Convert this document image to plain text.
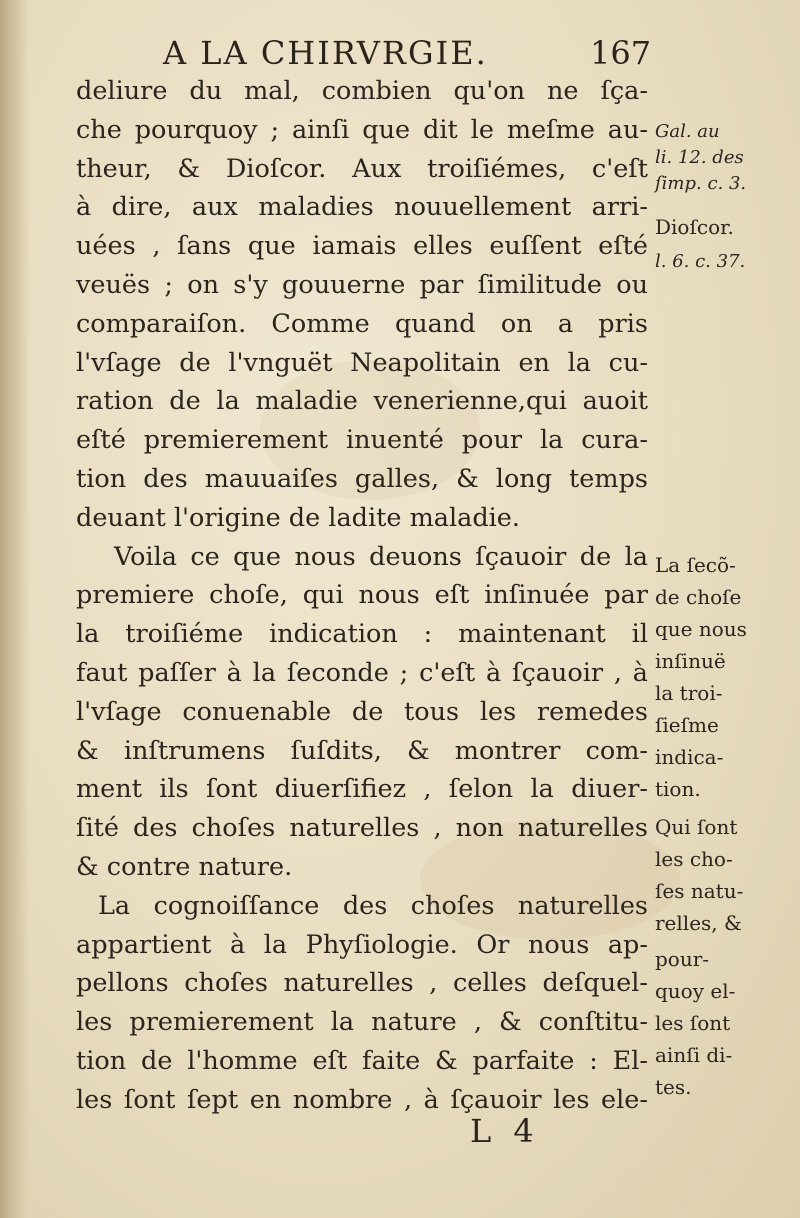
A LA CHIRVRGIE.	167
deliure du mal, combien qu'on ne ſça-
che pourquoy ; ainſi que dit le meſme au-
theur, & Dioſcor. Aux troiſiémes, c'eſt
à dire, aux maladies nouuellement arri-
uées , ſans que iamais elles euſſent eſté
veuës ; on s'y gouuerne par ſimilitude ou
comparaiſon. Comme quand on a pris
l'vſage de l'vnguët Neapolitain en la cu-
ration de la maladie venerienne,qui auoit
eſté premierement inuenté pour la cura-
tion des mauuaiſes galles, & long temps
deuant l'origine de ladite maladie.
Voila ce que nous deuons ſçauoir de la
premiere choſe, qui nous eſt inſinuée par
la troiſiéme indication : maintenant il
faut paſſer à la ſeconde ; c'eſt à ſçauoir , à
l'vſage conuenable de tous les remedes
& inſtrumens ſuſdits, & montrer com-
ment ils ſont diuerſifiez , ſelon la diuer-
ſité des choſes naturelles , non naturelles
& contre nature.
La cognoiſſance des choſes naturelles
appartient à la Phyſiologie. Or nous ap-
pellons choſes naturelles , celles deſquel-
les premierement la nature , & conſtitu-
tion de l'homme eſt faite & parfaite : El-
les ſont ſept en nombre , à ſçauoir les ele-
Gal. au
li. 12. des
ſimp. c. 3.
Dioſcor.
l. 6. c. 37.
La ſecõ-
de choſe
que nous
inſinuë
la troi-
ſieſme
indica-
tion.
Qui ſont
les cho-
ſes natu-
relles, &
pour-
quoy el-
les ſont
ainſi di-
tes.
L 4
